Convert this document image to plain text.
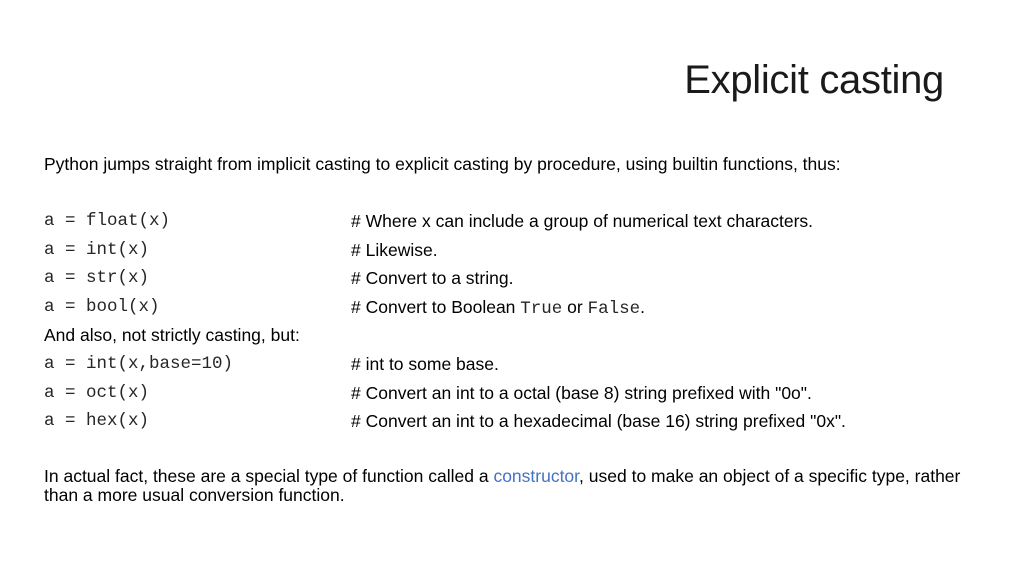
Explicit casting
Python jumps straight from implicit casting to explicit casting by procedure, using builtin functions, thus:
a = float(x)	# Where x can include a group of numerical text characters.
a = int(x)	# Likewise.
a = str(x)	# Convert to a string.
a = bool(x)	# Convert to Boolean True or False.
And also, not strictly casting, but:
a = int(x,base=10)	# int to some base.
a = oct(x)	# Convert an int to a octal (base 8) string prefixed with "0o".
a = hex(x)	# Convert an int to a hexadecimal (base 16) string prefixed "0x".
In actual fact, these are a special type of function called a constructor, used to make an object of a specific type, rather than a more usual conversion function.
